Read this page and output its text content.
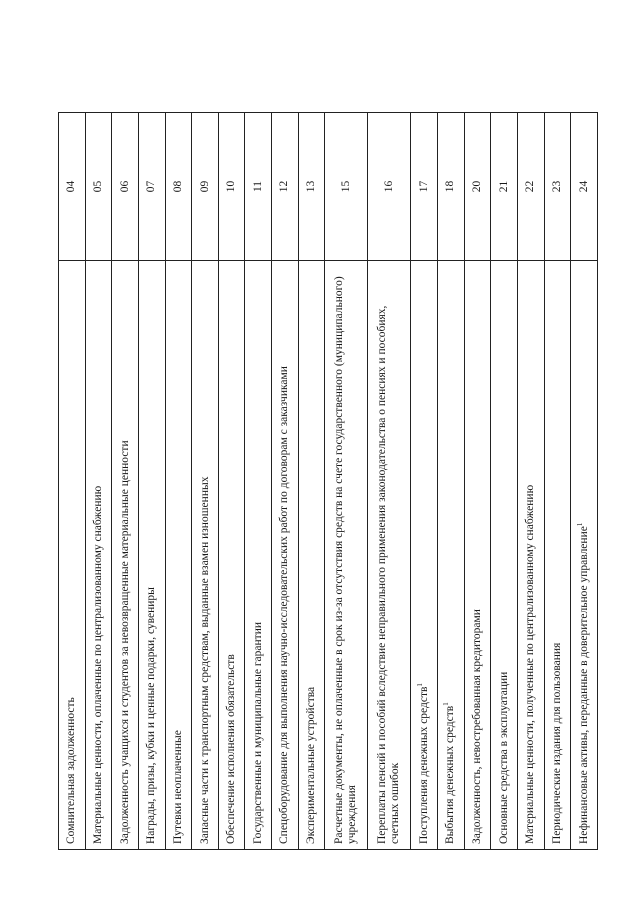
Сомнительная задолженность	04
Материальные ценности, оплаченные по централизованному снабжению	05
Задолженность учащихся и студентов за невозвращенные материальные ценности	06
Награды, призы, кубки и ценные подарки, сувениры	07
Путевки неоплаченные	08
Запасные части к транспортным средствам, выданные взамен изношенных	09
Обеспечение исполнения обязательств	10
Государственные и муниципальные гарантии	11
Спецоборудование для выполнения научно-исследовательских работ по договорам с заказчиками	12
Экспериментальные устройства	13
Расчетные документы, не оплаченные в срок из-за отсутствия средств на счете государственного (муниципального) учреждения	15
Переплаты пенсий и пособий вследствие неправильного применения законодательства о пенсиях и пособиях, счетных ошибок	16
Поступления денежных средств$^1$	17
Выбытия денежных средств$^1$	18
Задолженность, невостребованная кредиторами	20
Основные средства в эксплуатации	21
Материальные ценности, полученные по централизованному снабжению	22
Периодические издания для пользования	23
Нефинансовые активы, переданные в доверительное управление$^1$	24
